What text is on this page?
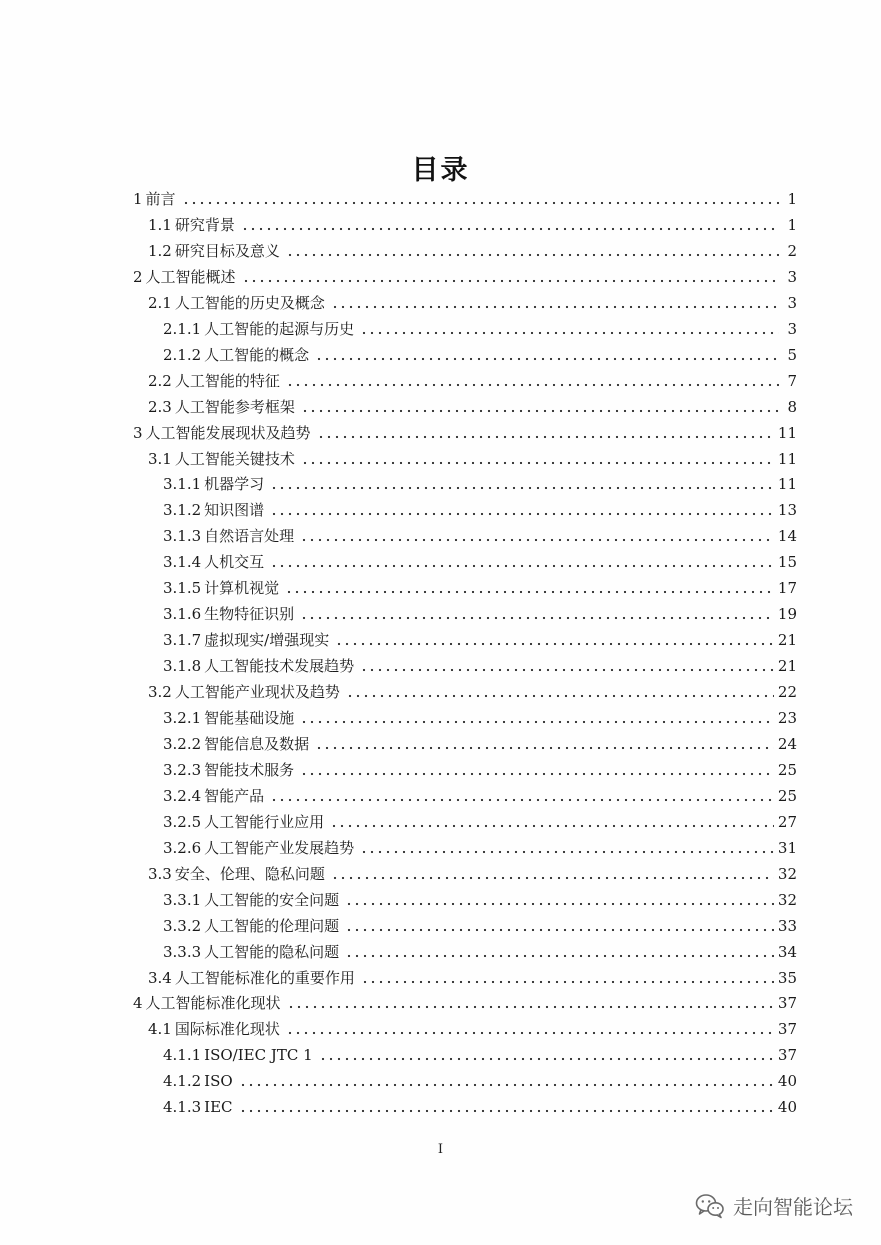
目录
1 前言	1
1.1 研究背景	1
1.2 研究目标及意义	2
2 人工智能概述	3
2.1 人工智能的历史及概念	3
2.1.1 人工智能的起源与历史	3
2.1.2 人工智能的概念	5
2.2 人工智能的特征	7
2.3 人工智能参考框架	8
3 人工智能发展现状及趋势	11
3.1 人工智能关键技术	11
3.1.1 机器学习	11
3.1.2 知识图谱	13
3.1.3 自然语言处理	14
3.1.4 人机交互	15
3.1.5 计算机视觉	17
3.1.6 生物特征识别	19
3.1.7 虚拟现实/增强现实	21
3.1.8 人工智能技术发展趋势	21
3.2 人工智能产业现状及趋势	22
3.2.1 智能基础设施	23
3.2.2 智能信息及数据	24
3.2.3 智能技术服务	25
3.2.4 智能产品	25
3.2.5 人工智能行业应用	27
3.2.6 人工智能产业发展趋势	31
3.3 安全、伦理、隐私问题	32
3.3.1 人工智能的安全问题	32
3.3.2 人工智能的伦理问题	33
3.3.3 人工智能的隐私问题	34
3.4 人工智能标准化的重要作用	35
4 人工智能标准化现状	37
4.1 国际标准化现状	37
4.1.1 ISO/IEC JTC 1	37
4.1.2 ISO	40
4.1.3 IEC	40
I
走向智能论坛
